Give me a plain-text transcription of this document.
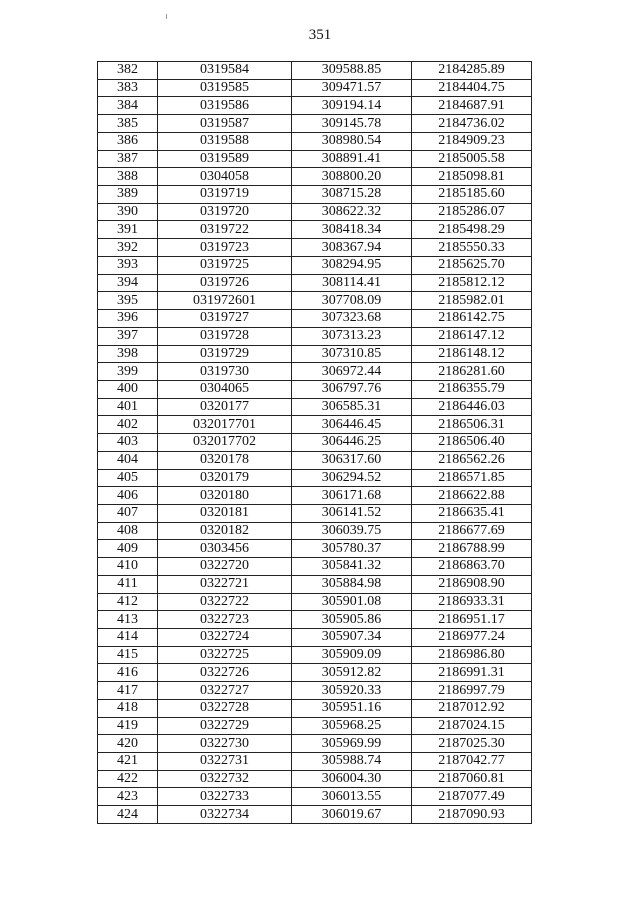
351
382	0319584	309588.85	2184285.89
383	0319585	309471.57	2184404.75
384	0319586	309194.14	2184687.91
385	0319587	309145.78	2184736.02
386	0319588	308980.54	2184909.23
387	0319589	308891.41	2185005.58
388	0304058	308800.20	2185098.81
389	0319719	308715.28	2185185.60
390	0319720	308622.32	2185286.07
391	0319722	308418.34	2185498.29
392	0319723	308367.94	2185550.33
393	0319725	308294.95	2185625.70
394	0319726	308114.41	2185812.12
395	031972601	307708.09	2185982.01
396	0319727	307323.68	2186142.75
397	0319728	307313.23	2186147.12
398	0319729	307310.85	2186148.12
399	0319730	306972.44	2186281.60
400	0304065	306797.76	2186355.79
401	0320177	306585.31	2186446.03
402	032017701	306446.45	2186506.31
403	032017702	306446.25	2186506.40
404	0320178	306317.60	2186562.26
405	0320179	306294.52	2186571.85
406	0320180	306171.68	2186622.88
407	0320181	306141.52	2186635.41
408	0320182	306039.75	2186677.69
409	0303456	305780.37	2186788.99
410	0322720	305841.32	2186863.70
411	0322721	305884.98	2186908.90
412	0322722	305901.08	2186933.31
413	0322723	305905.86	2186951.17
414	0322724	305907.34	2186977.24
415	0322725	305909.09	2186986.80
416	0322726	305912.82	2186991.31
417	0322727	305920.33	2186997.79
418	0322728	305951.16	2187012.92
419	0322729	305968.25	2187024.15
420	0322730	305969.99	2187025.30
421	0322731	305988.74	2187042.77
422	0322732	306004.30	2187060.81
423	0322733	306013.55	2187077.49
424	0322734	306019.67	2187090.93
